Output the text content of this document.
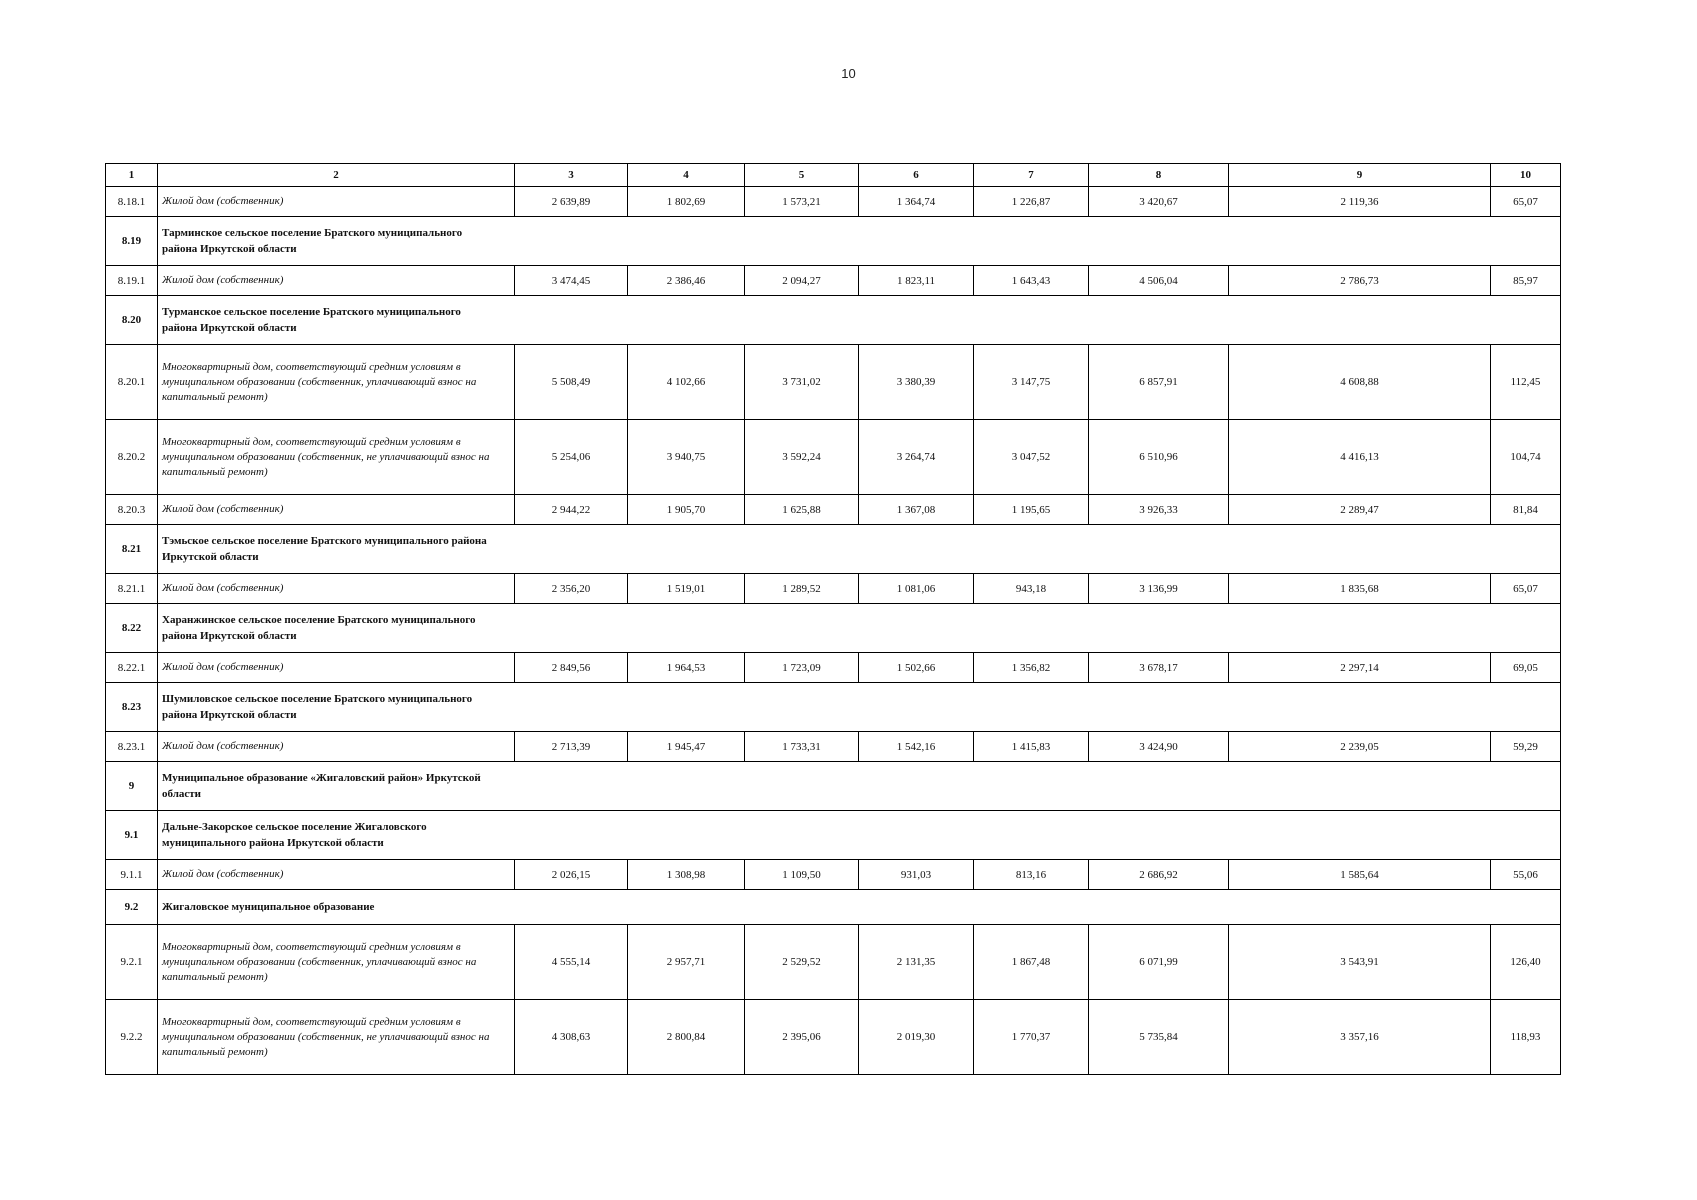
10
1	2	3	4	5	6	7	8	9	10
8.18.1	Жилой дом (собственник)	2 639,89	1 802,69	1 573,21	1 364,74	1 226,87	3 420,67	2 119,36	65,07
8.19	Тарминское сельское поселение Братского муниципального района Иркутской области								

8.19.1	Жилой дом (собственник)	3 474,45	2 386,46	2 094,27	1 823,11	1 643,43	4 506,04	2 786,73	85,97
8.20	Турманское сельское поселение Братского муниципального района Иркутской области								

8.20.1	Многоквартирный дом, соответствующий средним условиям в муниципальном образовании (собственник, уплачивающий взнос на капитальный ремонт)	5 508,49	4 102,66	3 731,02	3 380,39	3 147,75	6 857,91	4 608,88	112,45
8.20.2	Многоквартирный дом, соответствующий средним условиям в муниципальном образовании (собственник, не уплачивающий взнос на капитальный ремонт)	5 254,06	3 940,75	3 592,24	3 264,74	3 047,52	6 510,96	4 416,13	104,74
8.20.3	Жилой дом (собственник)	2 944,22	1 905,70	1 625,88	1 367,08	1 195,65	3 926,33	2 289,47	81,84
8.21	Тэмьское сельское поселение Братского муниципального района Иркутской области								

8.21.1	Жилой дом (собственник)	2 356,20	1 519,01	1 289,52	1 081,06	943,18	3 136,99	1 835,68	65,07
8.22	Харанжинское сельское поселение Братского муниципального района Иркутской области								

8.22.1	Жилой дом (собственник)	2 849,56	1 964,53	1 723,09	1 502,66	1 356,82	3 678,17	2 297,14	69,05
8.23	Шумиловское сельское поселение Братского муниципального района Иркутской области								

8.23.1	Жилой дом (собственник)	2 713,39	1 945,47	1 733,31	1 542,16	1 415,83	3 424,90	2 239,05	59,29
9	Муниципальное образование «Жигаловский район» Иркутской области								

9.1	Дальне-Закорское сельское поселение Жигаловского муниципального района Иркутской области								

9.1.1	Жилой дом (собственник)	2 026,15	1 308,98	1 109,50	931,03	813,16	2 686,92	1 585,64	55,06
9.2	Жигаловское муниципальное образование								

9.2.1	Многоквартирный дом, соответствующий средним условиям в муниципальном образовании (собственник, уплачивающий взнос на капитальный ремонт)	4 555,14	2 957,71	2 529,52	2 131,35	1 867,48	6 071,99	3 543,91	126,40
9.2.2	Многоквартирный дом, соответствующий средним условиям в муниципальном образовании (собственник, не уплачивающий взнос на капитальный ремонт)	4 308,63	2 800,84	2 395,06	2 019,30	1 770,37	5 735,84	3 357,16	118,93
